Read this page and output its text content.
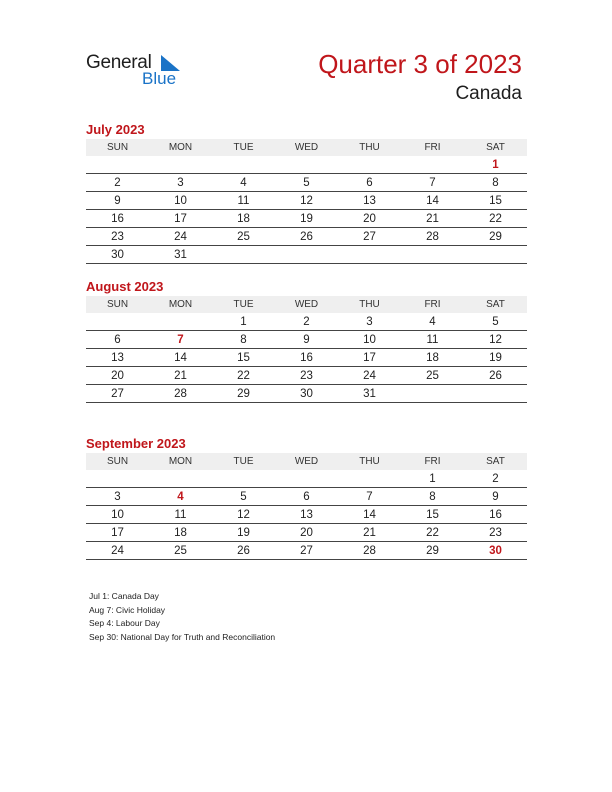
General
Blue	Quarter 3 of 2023
Canada
July 2023
SUN	MON	TUE	WED	THU	FRI	SAT
						1
2	3	4	5	6	7	8
9	10	11	12	13	14	15
16	17	18	19	20	21	22
23	24	25	26	27	28	29
30	31					
August 2023
SUN	MON	TUE	WED	THU	FRI	SAT
		1	2	3	4	5
6	7	8	9	10	11	12
13	14	15	16	17	18	19
20	21	22	23	24	25	26
27	28	29	30	31		
September 2023
SUN	MON	TUE	WED	THU	FRI	SAT
					1	2
3	4	5	6	7	8	9
10	11	12	13	14	15	16
17	18	19	20	21	22	23
24	25	26	27	28	29	30
Jul 1: Canada Day
Aug 7: Civic Holiday
Sep 4: Labour Day
Sep 30: National Day for Truth and Reconciliation
